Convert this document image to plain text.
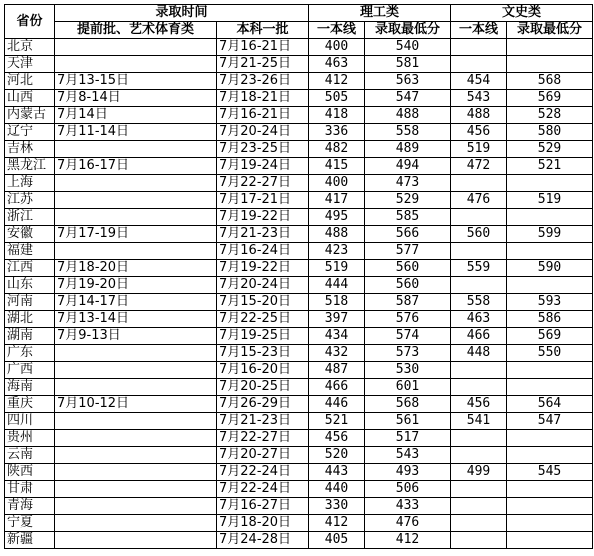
省份	录取时间		理工类		文史类	
	提前批、艺术体育类	本科一批	一本线	录取最低分	一本线	录取最低分
北京		7月16-21日	400	540		
天津		7月21-25日	463	581		
河北	7月13-15日	7月23-26日	412	563	454	568
山西	7月8-14日	7月18-21日	505	547	543	569
内蒙古	7月14日	7月16-21日	418	488	488	528
辽宁	7月11-14日	7月20-24日	336	558	456	580
吉林		7月23-25日	482	489	519	529
黑龙江	7月16-17日	7月19-24日	415	494	472	521
上海		7月22-27日	400	473		
江苏		7月17-21日	417	529	476	519
浙江		7月19-22日	495	585		
安徽	7月17-19日	7月21-23日	488	566	560	599
福建		7月16-24日	423	577		
江西	7月18-20日	7月19-22日	519	560	559	590
山东	7月19-20日	7月20-24日	444	560		
河南	7月14-17日	7月15-20日	518	587	558	593
湖北	7月13-14日	7月22-25日	397	576	463	586
湖南	7月9-13日	7月19-25日	434	574	466	569
广东		7月15-23日	432	573	448	550
广西		7月16-20日	487	530		
海南		7月20-25日	466	601		
重庆	7月10-12日	7月26-29日	446	568	456	564
四川		7月21-23日	521	561	541	547
贵州		7月22-27日	456	517		
云南		7月20-27日	520	543		
陕西		7月22-24日	443	493	499	545
甘肃		7月22-24日	440	506		
青海		7月16-27日	330	433		
宁夏		7月18-20日	412	476		
新疆		7月24-28日	405	412		
